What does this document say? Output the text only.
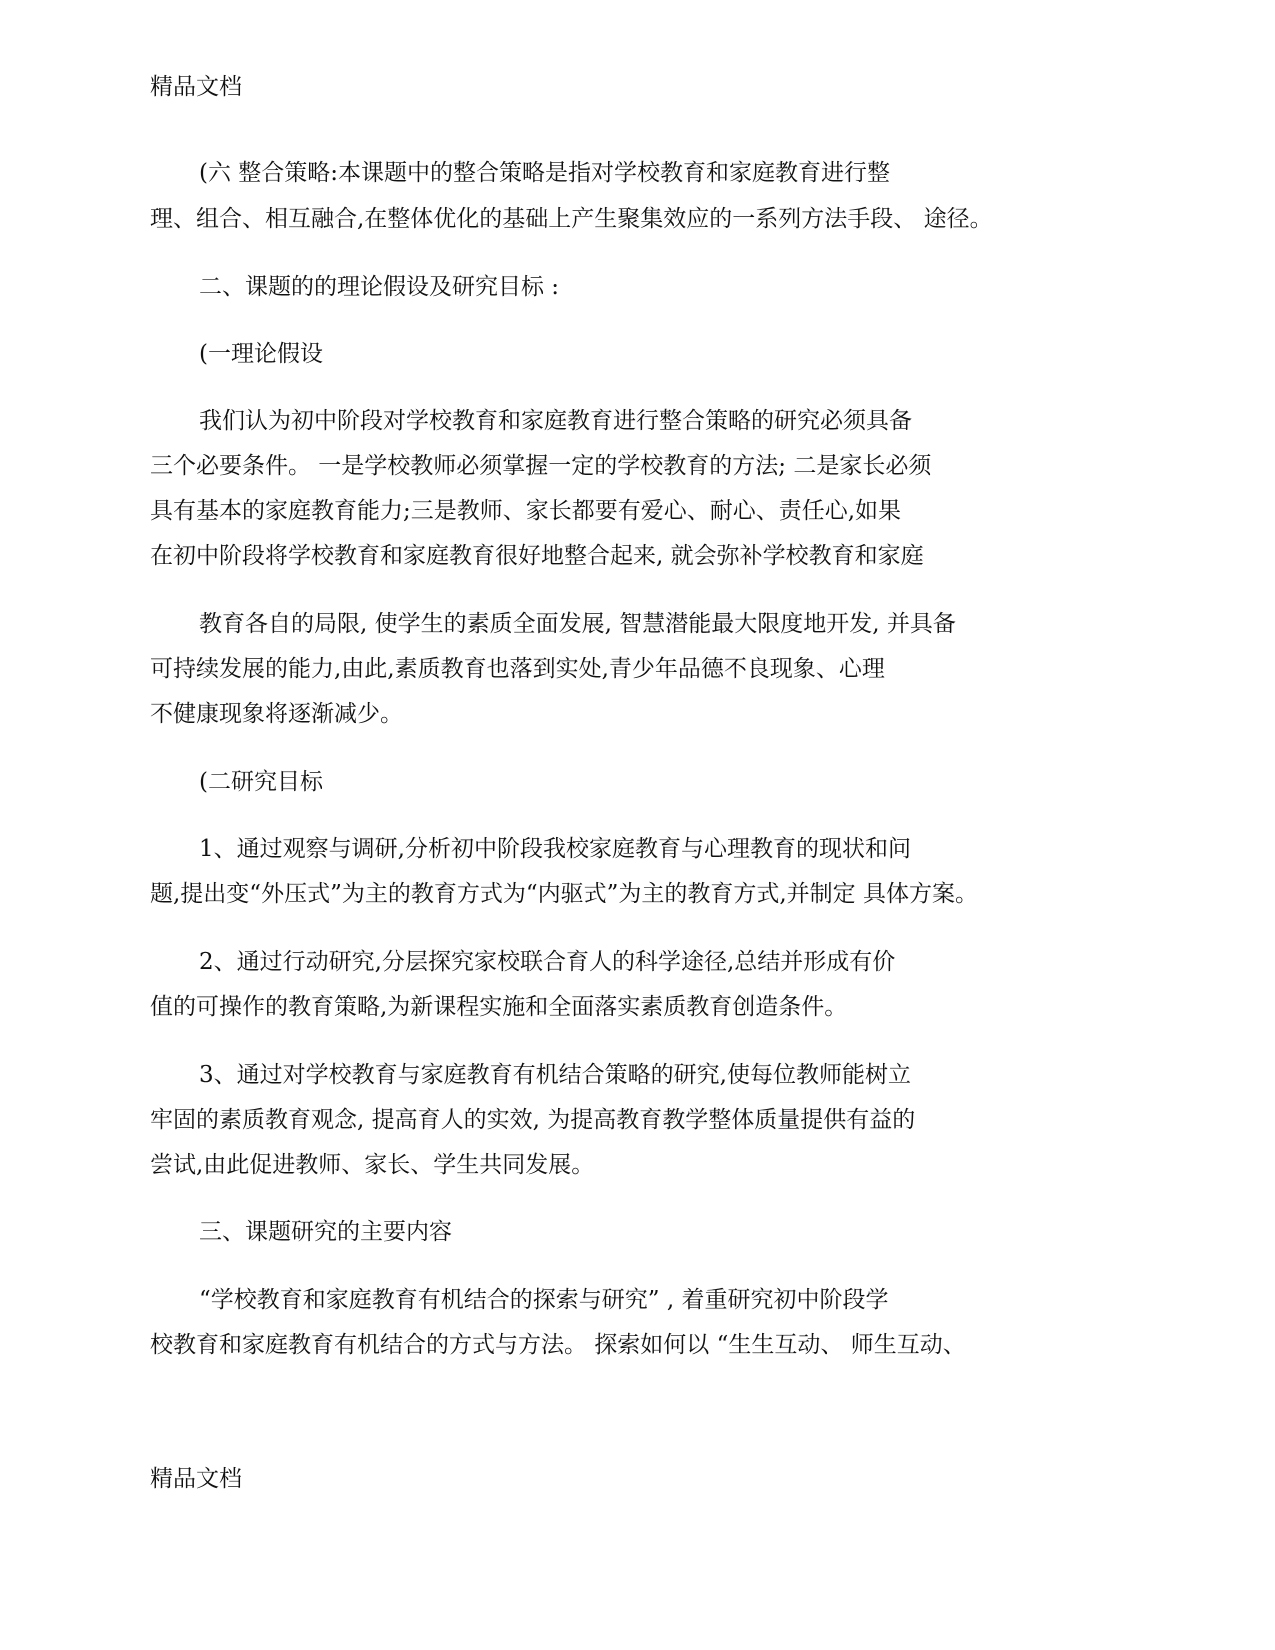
精品文档
(六 整合策略:本课题中的整合策略是指对学校教育和家庭教育进行整
理、组合、相互融合,在整体优化的基础上产生聚集效应的一系列方法手段、 途径。
二、课题的的理论假设及研究目标 :
(一理论假设
我们认为初中阶段对学校教育和家庭教育进行整合策略的研究必须具备
三个必要条件。 一是学校教师必须掌握一定的学校教育的方法; 二是家长必须
具有基本的家庭教育能力;三是教师、家长都要有爱心、耐心、责任心,如果
在初中阶段将学校教育和家庭教育很好地整合起来, 就会弥补学校教育和家庭
教育各自的局限, 使学生的素质全面发展, 智慧潜能最大限度地开发, 并具备
可持续发展的能力,由此,素质教育也落到实处,青少年品德不良现象、心理
不健康现象将逐渐减少。
(二研究目标
1、通过观察与调研,分析初中阶段我校家庭教育与心理教育的现状和问
题,提出变“外压式”为主的教育方式为“内驱式”为主的教育方式,并制定 具体方案。
2、通过行动研究,分层探究家校联合育人的科学途径,总结并形成有价
值的可操作的教育策略,为新课程实施和全面落实素质教育创造条件。
3、通过对学校教育与家庭教育有机结合策略的研究,使每位教师能树立
牢固的素质教育观念, 提高育人的实效, 为提高教育教学整体质量提供有益的
尝试,由此促进教师、家长、学生共同发展。
三、课题研究的主要内容
“学校教育和家庭教育有机结合的探索与研究” , 着重研究初中阶段学
校教育和家庭教育有机结合的方式与方法。 探索如何以 “生生互动、 师生互动、
精品文档
